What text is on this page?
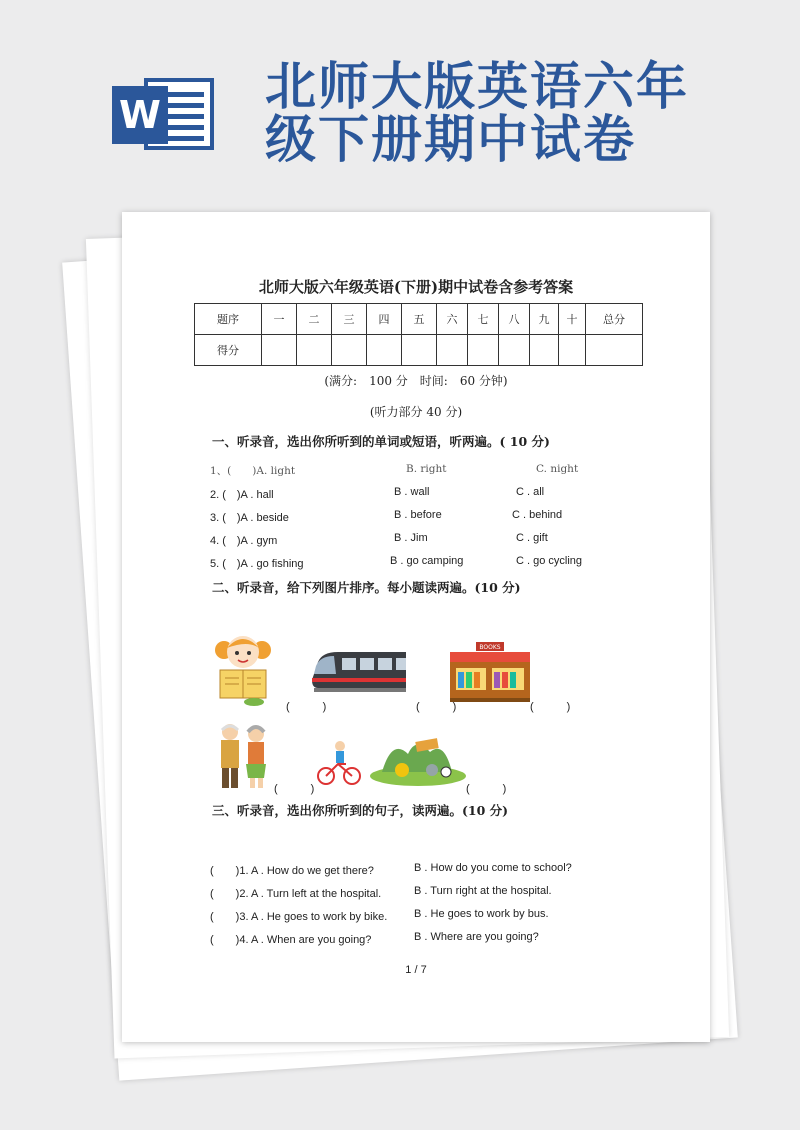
W 北师大版英语六年
级下册期中试卷
北师大版六年级英语(下册)期中试卷含参考答案
题序	一	二	三	四	五	六	七	八	九	十	总分
得分											
(满分:　100 分　时间:　60 分钟)
(听力部分 40 分)
一、听录音，选出你所听到的单词或短语，听两遍。( 10 分)
1、(　　)A. light	B. right	C. night
2. (　)A . hall	B . wall	C . all
3. (　)A . beside	B . before	C . behind
4. (　)A . gym	B . Jim	C . gift
5. (　)A . go fishing	B . go camping	C . go cycling
二、听录音，给下列图片排序。每小题读两遍。(10 分)
BOOKS
(　　　)	(　　　)	(　　　)
(　　　)	(　　　)
三、听录音，选出你所听到的句子，读两遍。(10 分)
(　　)1. A . How do we get there?	B . How do you come to school?
(　　)2. A . Turn left at the hospital.	B . Turn right at the hospital.
(　　)3. A . He goes to work by bike. B . He goes to work by bus.
(　　)4. A . When are you going?	B . Where are you going?
1 / 7
